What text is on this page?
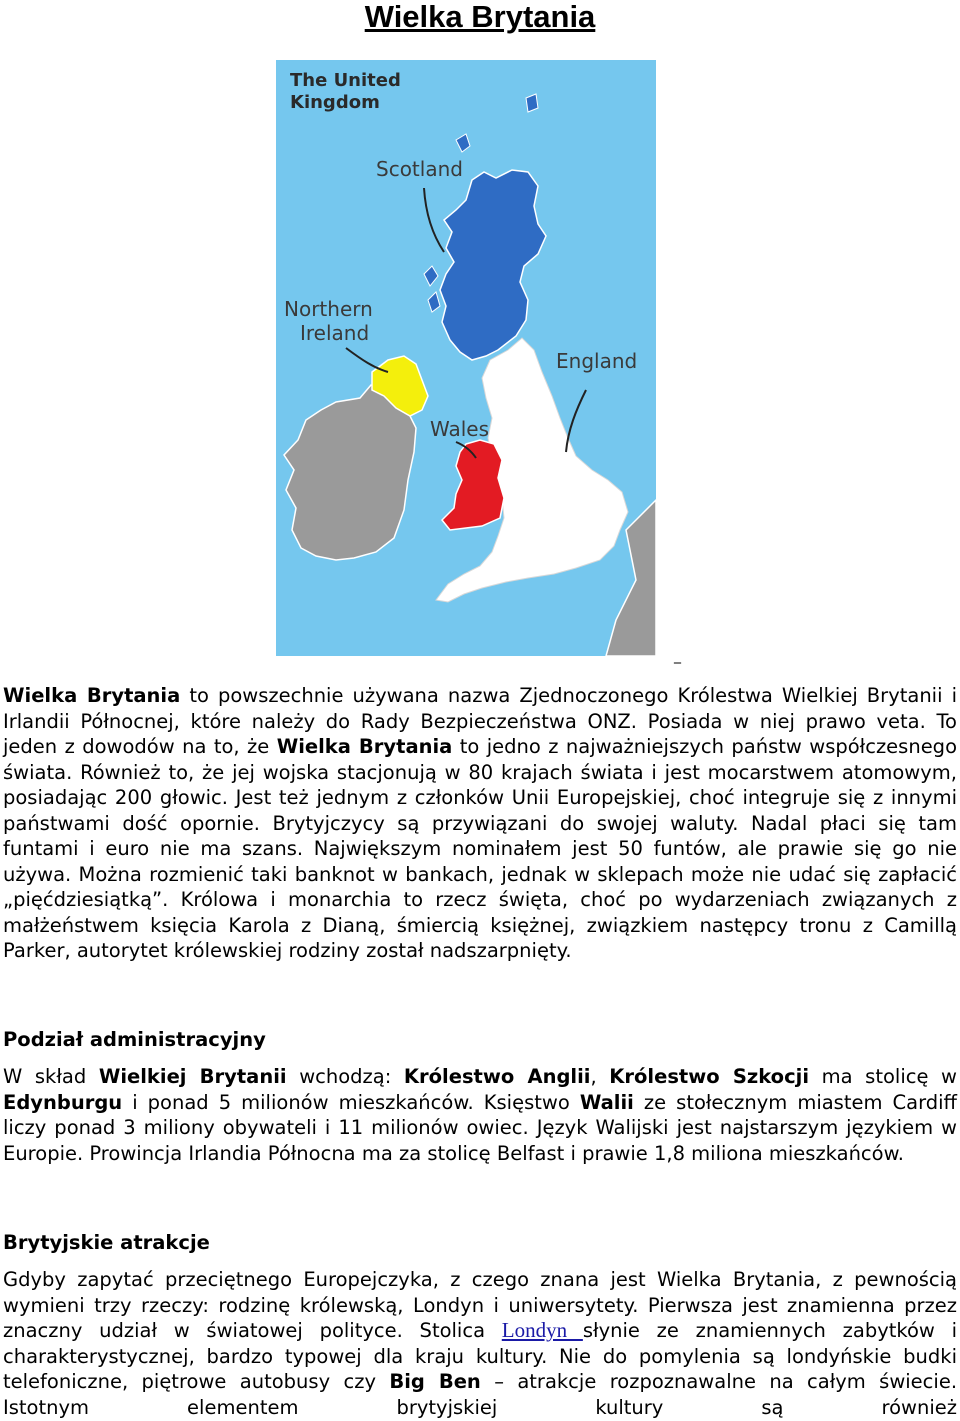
Wielka Brytania
The United
Kingdom
Scotland
Northern
Ireland
England
Wales
_

Wielka Brytania to powszechnie używana nazwa Zjednoczonego Królestwa Wielkiej Brytanii i Irlandii Północnej, które należy do Rady Bezpieczeństwa ONZ. Posiada w niej prawo veta. To jeden z dowodów na to, że Wielka Brytania to jedno z najważniejszych państw współczesnego świata. Również to, że jej wojska stacjonują w 80 krajach świata i jest mocarstwem atomowym, posiadając 200 głowic. Jest też jednym z członków Unii Europejskiej, choć integruje się z innymi państwami dość opornie. Brytyjczycy są przywiązani do swojej waluty. Nadal płaci się tam funtami i euro nie ma szans. Największym nominałem jest 50 funtów, ale prawie się go nie używa. Można rozmienić taki banknot w bankach, jednak w sklepach może nie udać się zapłacić „pięćdziesiątką”. Królowa i monarchia to rzecz święta, choć po wydarzeniach związanych z małżeństwem księcia Karola z Dianą, śmiercią księżnej, związkiem następcy tronu z Camillą Parker, autorytet królewskiej rodziny został nadszarpnięty.

Podział administracyjny

W skład Wielkiej Brytanii wchodzą: Królestwo Anglii, Królestwo Szkocji ma stolicę w Edynburgu i ponad 5 milionów mieszkańców. Księstwo Walii ze stołecznym miastem Cardiff liczy ponad 3 miliony obywateli i 11 milionów owiec. Język Walijski jest najstarszym językiem w Europie. Prowincja Irlandia Północna ma za stolicę Belfast i prawie 1,8 miliona mieszkańców.

Brytyjskie atrakcje

Gdyby zapytać przeciętnego Europejczyka, z czego znana jest Wielka Brytania, z pewnością wymieni trzy rzeczy: rodzinę królewską, Londyn i uniwersytety. Pierwsza jest znamienna przez znaczny udział w światowej polityce. Stolica Londyn słynie ze znamiennych zabytków i charakterystycznej, bardzo typowej dla kraju kultury. Nie do pomylenia są londyńskie budki telefoniczne, piętrowe autobusy czy Big Ben – atrakcje rozpoznawalne na całym świecie. Istotnym elementem brytyjskiej kultury są również
